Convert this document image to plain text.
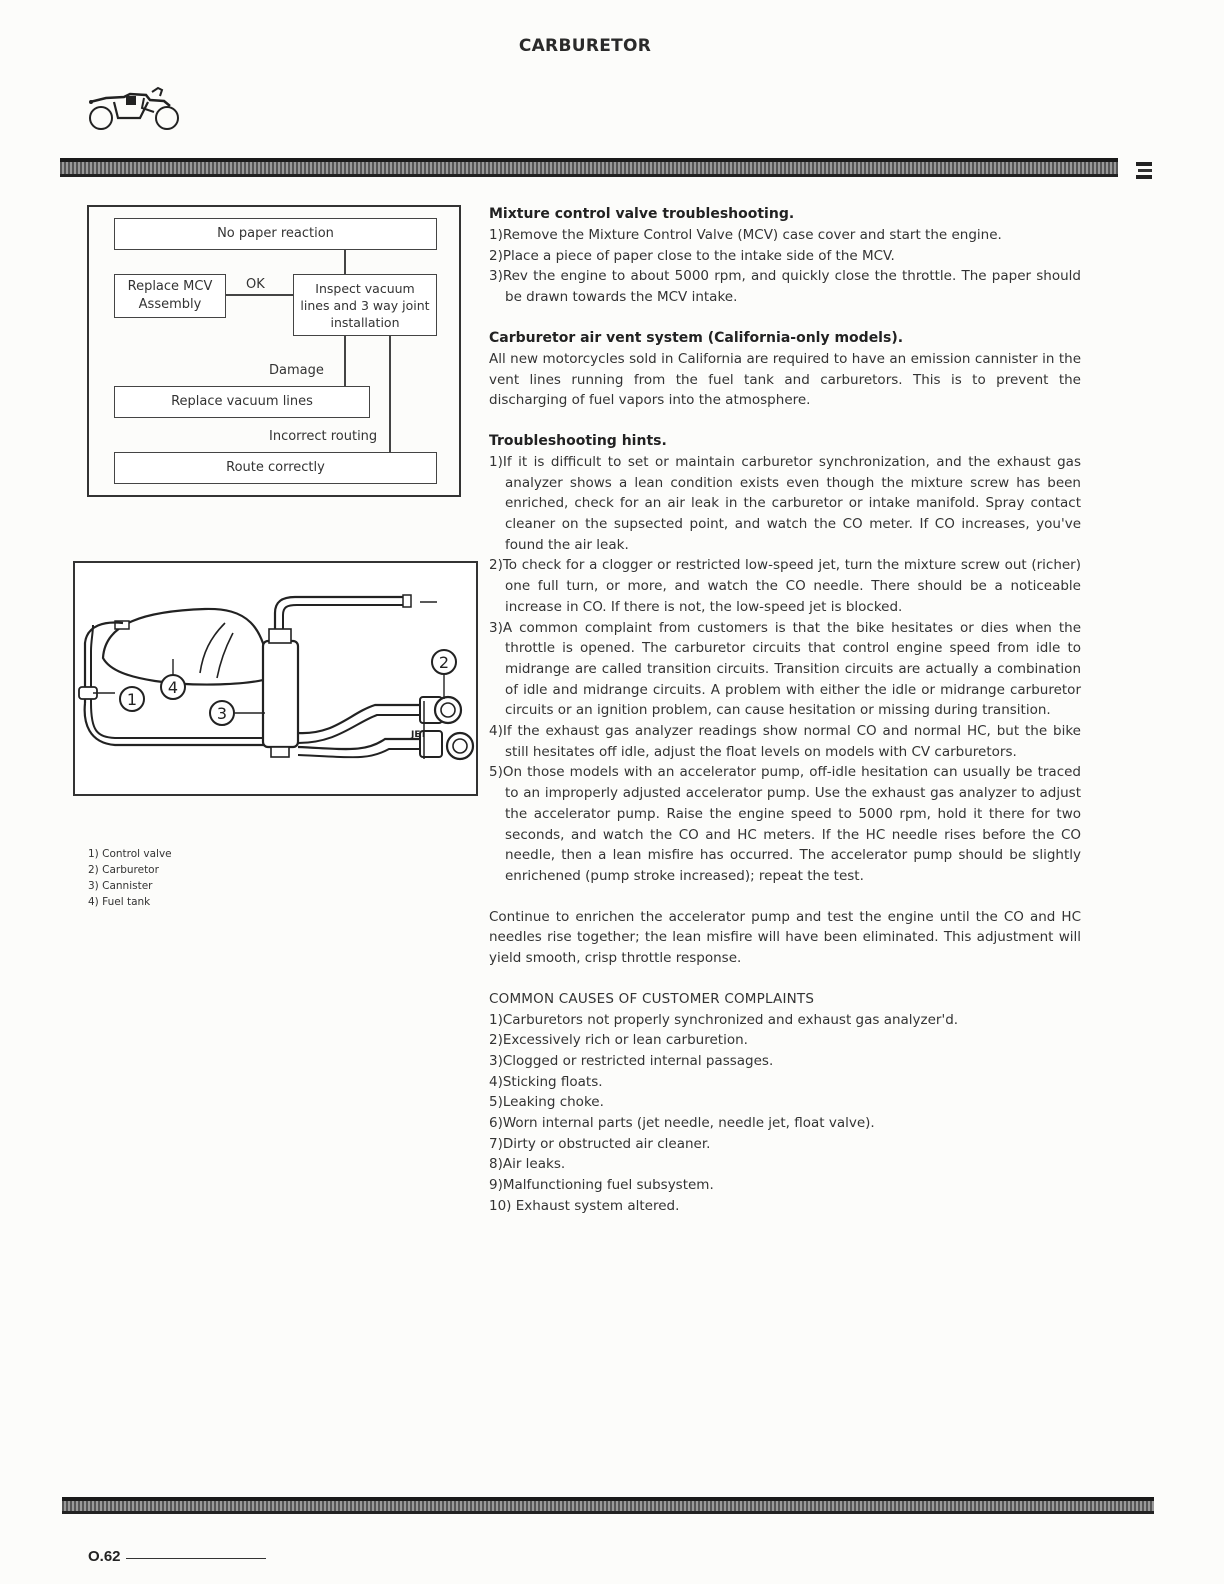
CARBURETOR
No paper reaction
Replace MCV Assembly
OK	Inspect vacuum lines and 3 way joint installation
Damage
Replace vacuum lines
Incorrect routing
Route correctly
1
4
3
2
JET
1) Control valve
2) Carburetor
3) Cannister
4) Fuel tank
Mixture control valve troubleshooting.
1)Remove the Mixture Control Valve (MCV) case cover and start the engine.
2)Place a piece of paper close to the intake side of the MCV.
3)Rev the engine to about 5000 rpm, and quickly close the throttle. The paper should be drawn towards the MCV intake.
Carburetor air vent system (California-only models).

All new motorcycles sold in California are required to have an emission cannister in the vent lines running from the fuel tank and carburetors. This is to prevent the discharging of fuel vapors into the atmosphere.

Troubleshooting hints.
1)If it is difficult to set or maintain carburetor synchronization, and the exhaust gas analyzer shows a lean condition exists even though the mixture screw has been enriched, check for an air leak in the carburetor or intake manifold. Spray contact cleaner on the supsected point, and watch the CO meter. If CO increases, you've found the air leak.
2)To check for a clogger or restricted low-speed jet, turn the mixture screw out (richer) one full turn, or more, and watch the CO needle. There should be a noticeable increase in CO. If there is not, the low-speed jet is blocked.
3)A common complaint from customers is that the bike hesitates or dies when the throttle is opened. The carburetor circuits that control engine speed from idle to midrange are called transition circuits. Transition circuits are actually a combination of idle and midrange circuits. A problem with either the idle or midrange carburetor circuits or an ignition problem, can cause hesitation or missing during transition.
4)If the exhaust gas analyzer readings show normal CO and normal HC, but the bike still hesitates off idle, adjust the float levels on models with CV carburetors.
5)On those models with an accelerator pump, off-idle hesitation can usually be traced to an improperly adjusted accelerator pump. Use the exhaust gas analyzer to adjust the accelerator pump. Raise the engine speed to 5000 rpm, hold it there for two seconds, and watch the CO and HC meters. If the HC needle rises before the CO needle, then a lean misfire has occurred. The accelerator pump should be slightly enrichened (pump stroke increased); repeat the test.

Continue to enrichen the accelerator pump and test the engine until the CO and HC needles rise together; the lean misfire will have been eliminated. This adjustment will yield smooth, crisp throttle response.

COMMON CAUSES OF CUSTOMER COMPLAINTS
1)Carburetors not properly synchronized and exhaust gas analyzer'd.
2)Excessively rich or lean carburetion.
3)Clogged or restricted internal passages.
4)Sticking floats.
5)Leaking choke.
6)Worn internal parts (jet needle, needle jet, float valve).
7)Dirty or obstructed air cleaner.
8)Air leaks.
9)Malfunctioning fuel subsystem.
10) Exhaust system altered.
O.62
